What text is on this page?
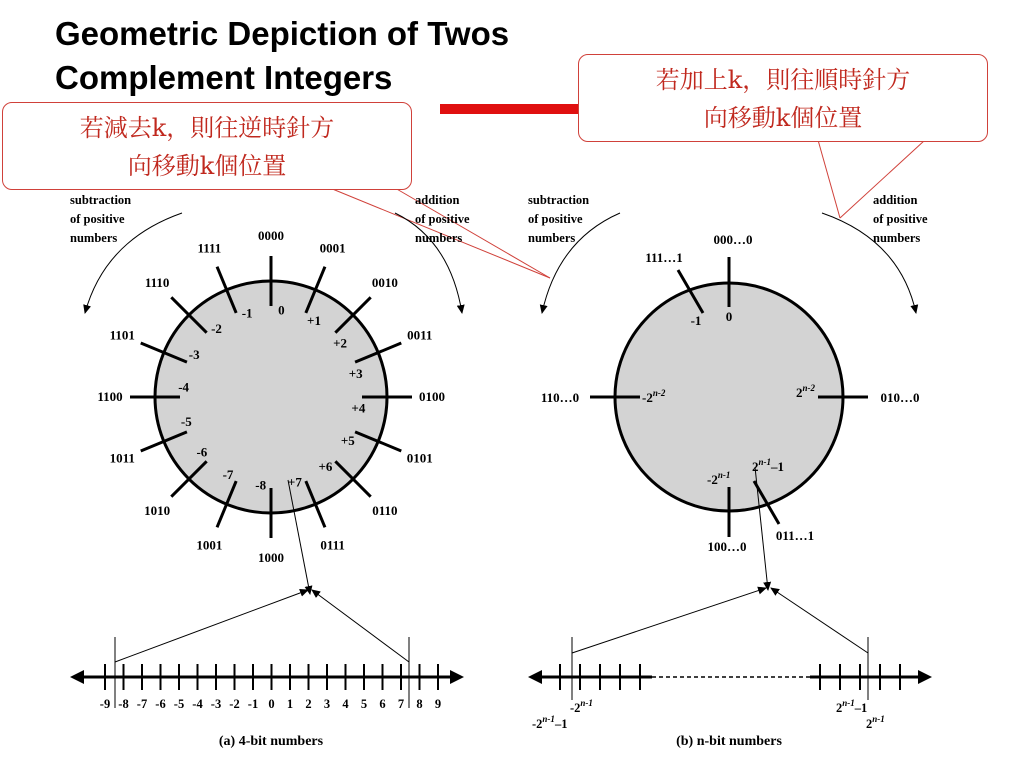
Geometric Depiction of Twos
Complement Integers
subtraction of positive numbers
addition of positive numbers
0000
0001
0010
0011
0100
0101
0110
0111
1000
1001
1010
1011
1100
1101
1110
1111
0
+1
+2
+3
+4
+5
+6
+7
-8
-7
-6
-5
-4
-3
-2
-1
-9 -8 -7 -6 -5 -4 -3 -2 -1 0 1 2 3 4 5 6 7 8 9
(a) 4-bit numbers
subtraction of positive numbers
addition of positive numbers
000…0
111…1
110…0	010…0
100…0
011…1
0
-1
-2$^{n-2}$	2$^{n-2}$
-2$^{n-1}$
2$^{n-1}$–1
-2$^{n-1}$
-2$^{n-1}$–1
2$^{n-1}$–1
2$^{n-1}$
(b) n-bit numbers
若減去k，則往逆時針方
向移動k個位置
若加上k，則往順時針方
向移動k個位置
